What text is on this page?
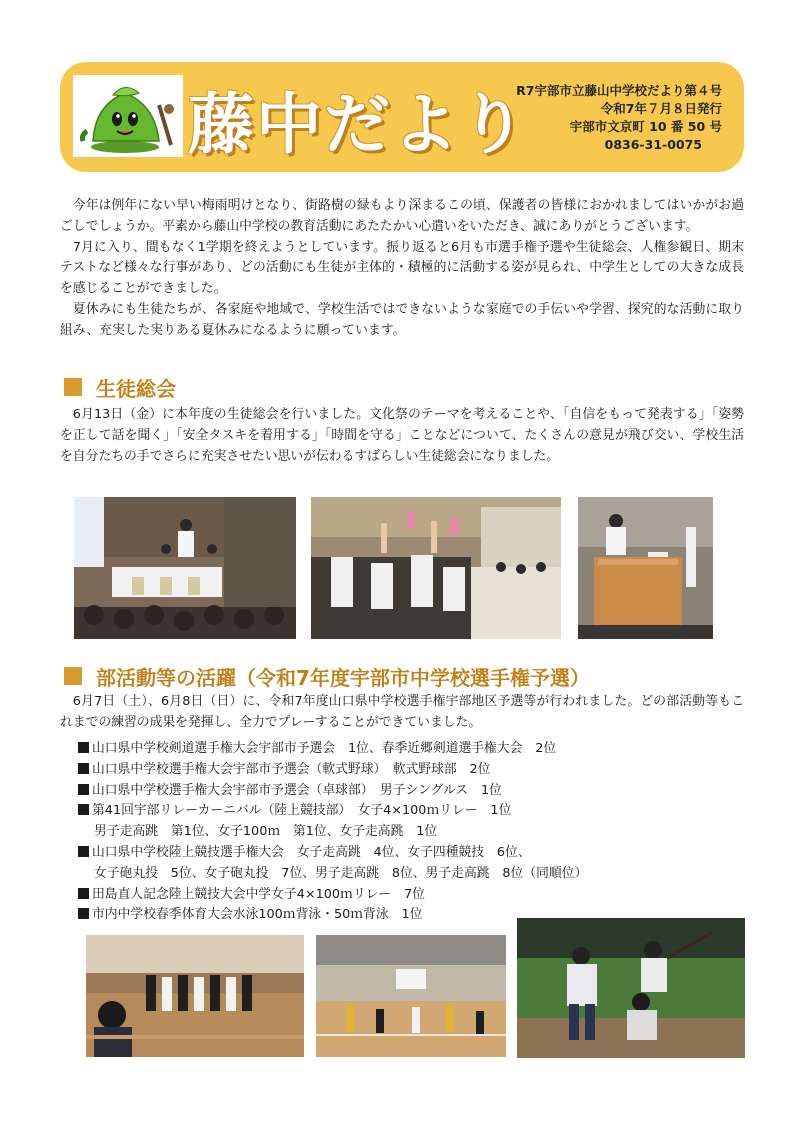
藤中だより
R7宇部市立藤山中学校だより第４号
令和7年７月８日発行
宇部市文京町 10 番 50 号
0836-31-0075

今年は例年にない早い梅雨明けとなり、街路樹の緑もより深まるこの頃、保護者の皆様におかれましてはいかがお過ごしでしょうか。平素から藤山中学校の教育活動にあたたかい心遣いをいただき、誠にありがとうございます。

7月に入り、間もなく1学期を終えようとしています。振り返ると6月も市選手権予選や生徒総会、人権参観日、期末テストなど様々な行事があり、どの活動にも生徒が主体的・積極的に活動する姿が見られ、中学生としての大きな成長を感じることができました。

夏休みにも生徒たちが、各家庭や地域で、学校生活ではできないような家庭での手伝いや学習、探究的な活動に取り組み、充実した実りある夏休みになるように願っています。

生徒総会

6月13日（金）に本年度の生徒総会を行いました。文化祭のテーマを考えることや、「自信をもって発表する」「姿勢を正して話を聞く」「安全タスキを着用する」「時間を守る」ことなどについて、たくさんの意見が飛び交い、学校生活を自分たちの手でさらに充実させたい思いが伝わるすばらしい生徒総会になりました。

部活動等の活躍（令和7年度宇部市中学校選手権予選）

6月7日（土）、6月8日（日）に、令和7年度山口県中学校選手権宇部地区予選等が行われました。どの部活動等もこれまでの練習の成果を発揮し、全力でプレーすることができていました。

山口県中学校剣道選手権大会宇部市予選会　1位、春季近郷剣道選手権大会　2位
山口県中学校選手権大会宇部市予選会（軟式野球）　軟式野球部　2位
山口県中学校選手権大会宇部市予選会（卓球部）　男子シングルス　1位
第41回宇部リレーカーニバル（陸上競技部）　女子4×100ｍリレー　1位
男子走高跳　第1位、女子100ｍ　第1位、女子走高跳　1位
山口県中学校陸上競技選手権大会　女子走高跳　4位、女子四種競技　6位、
女子砲丸投　5位、女子砲丸投　7位、男子走高跳　8位、男子走高跳　8位（同順位）
田島直人記念陸上競技大会中学女子4×100ｍリレー　7位
市内中学校春季体育大会水泳100ｍ背泳・50ｍ背泳　1位
